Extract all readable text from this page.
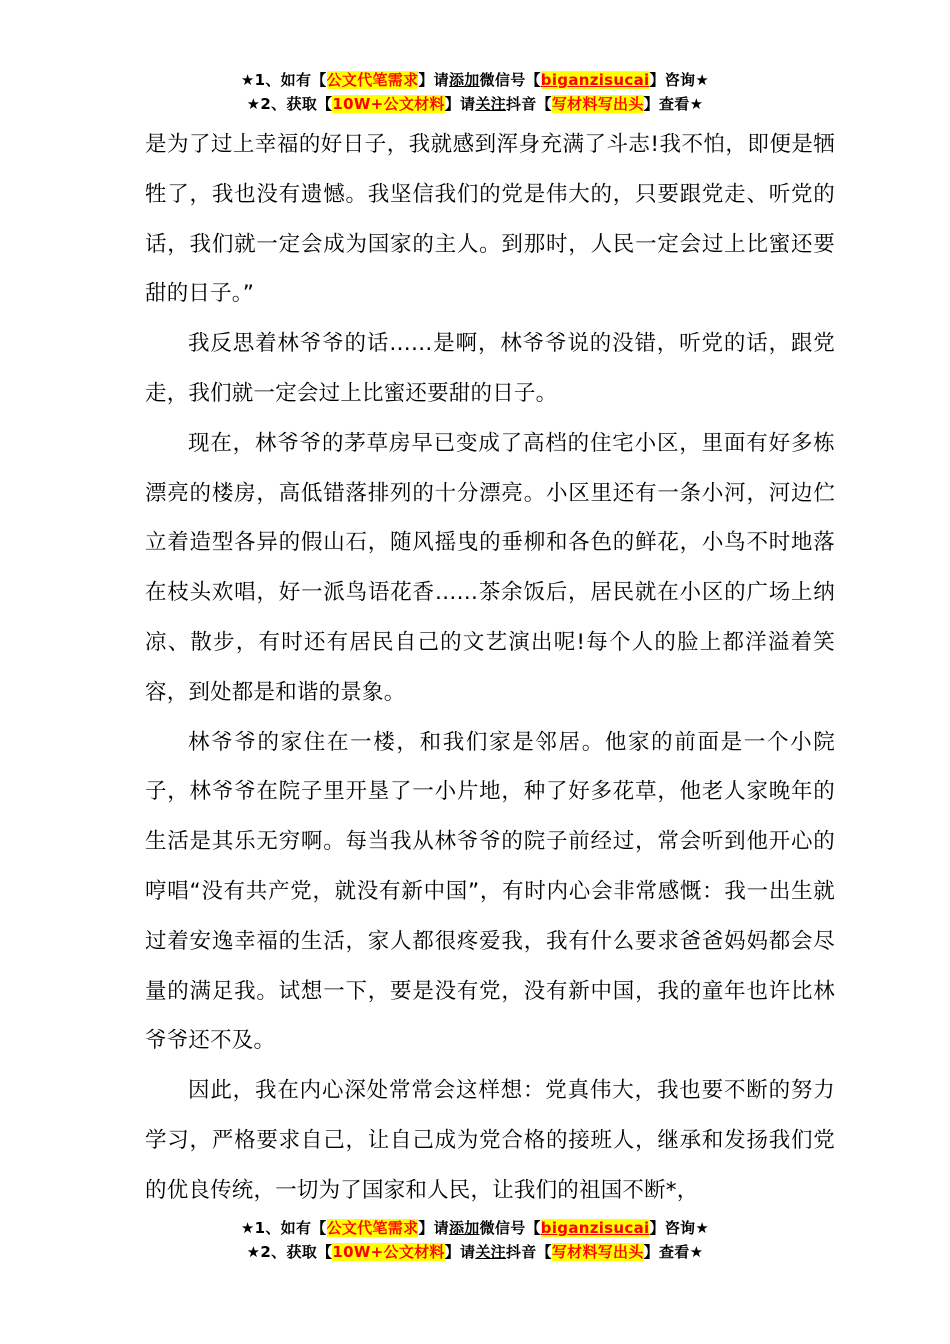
★1、如有【公文代笔需求】请添加微信号【biganzisucai】咨询★
★2、获取【10W+公文材料】请关注抖音【写材料写出头】查看★

是为了过上幸福的好日子，我就感到浑身充满了斗志!我不怕，即便是牺牲了，我也没有遗憾。我坚信我们的党是伟大的，只要跟党走、听党的话，我们就一定会成为国家的主人。到那时，人民一定会过上比蜜还要甜的日子。”

我反思着林爷爷的话……是啊，林爷爷说的没错，听党的话，跟党走，我们就一定会过上比蜜还要甜的日子。

现在，林爷爷的茅草房早已变成了高档的住宅小区，里面有好多栋漂亮的楼房，高低错落排列的十分漂亮。小区里还有一条小河，河边伫立着造型各异的假山石，随风摇曳的垂柳和各色的鲜花，小鸟不时地落在枝头欢唱，好一派鸟语花香……茶余饭后，居民就在小区的广场上纳凉、散步，有时还有居民自己的文艺演出呢!每个人的脸上都洋溢着笑容，到处都是和谐的景象。

林爷爷的家住在一楼，和我们家是邻居。他家的前面是一个小院子，林爷爷在院子里开垦了一小片地，种了好多花草，他老人家晚年的生活是其乐无穷啊。每当我从林爷爷的院子前经过，常会听到他开心的哼唱“没有共产党，就没有新中国”，有时内心会非常感慨：我一出生就过着安逸幸福的生活，家人都很疼爱我，我有什么要求爸爸妈妈都会尽量的满足我。试想一下，要是没有党，没有新中国，我的童年也许比林爷爷还不及。

因此，我在内心深处常常会这样想：党真伟大，我也要不断的努力学习，严格要求自己，让自己成为党合格的接班人，继承和发扬我们党的优良传统，一切为了国家和人民，让我们的祖国不断*，

★1、如有【公文代笔需求】请添加微信号【biganzisucai】咨询★
★2、获取【10W+公文材料】请关注抖音【写材料写出头】查看★
